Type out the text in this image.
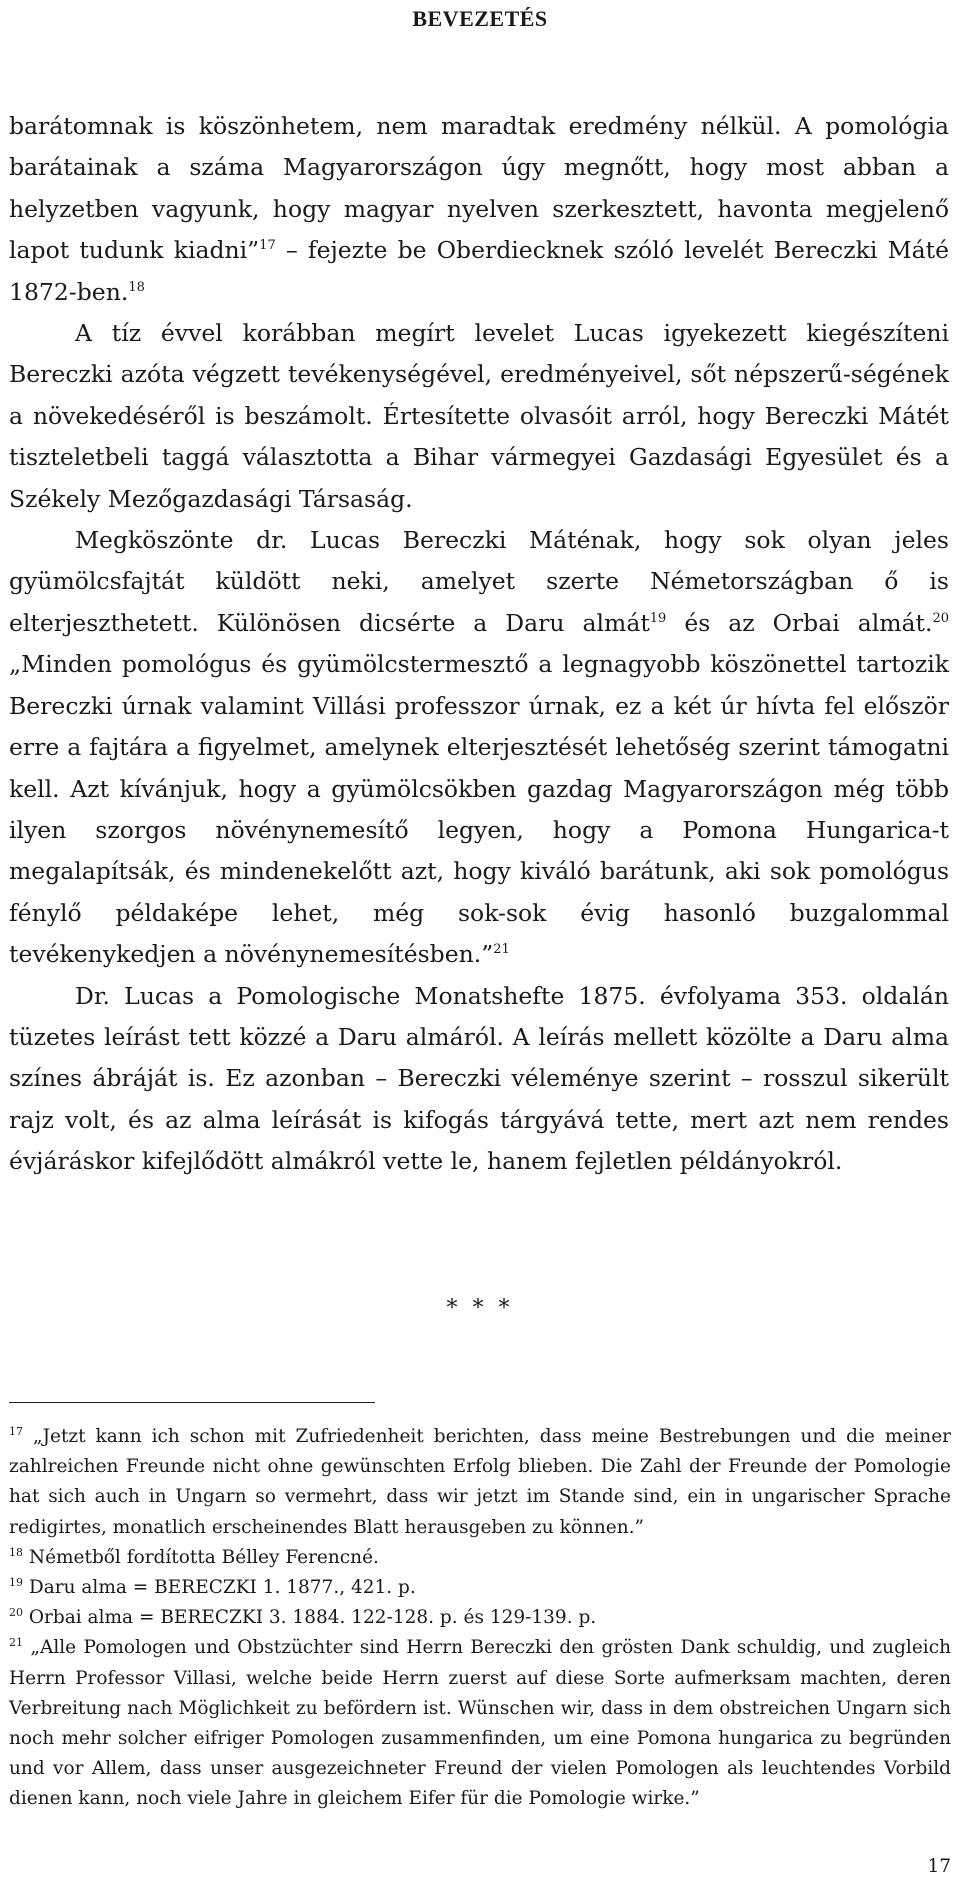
BEVEZETÉS

barátomnak is köszönhetem, nem maradtak eredmény nélkül. A pomológia barátainak a száma Magyarországon úgy megnőtt, hogy most abban a helyzetben vagyunk, hogy magyar nyelven szerkesztett, havonta megjelenő lapot tudunk kiadni”$^{17}$ – fejezte be Oberdiecknek szóló levelét Bereczki Máté 1872-ben.$^{18}$

A tíz évvel korábban megírt levelet Lucas igyekezett kiegészíteni Bereczki azóta végzett tevékenységével, eredményeivel, sőt népszerű-ségének a növekedéséről is beszámolt. Értesítette olvasóit arról, hogy Bereczki Mátét tiszteletbeli taggá választotta a Bihar vármegyei Gazdasági Egyesület és a Székely Mezőgazdasági Társaság.

Megköszönte dr. Lucas Bereczki Máténak, hogy sok olyan jeles gyümölcsfajtát küldött neki, amelyet szerte Németországban ő is elterjeszthetett. Különösen dicsérte a Daru almát$^{19}$ és az Orbai almát.$^{20}$ „Minden pomológus és gyümölcstermesztő a legnagyobb köszönettel tartozik Bereczki úrnak valamint Villási professzor úrnak, ez a két úr hívta fel először erre a fajtára a figyelmet, amelynek elterjesztését lehetőség szerint támogatni kell. Azt kívánjuk, hogy a gyümölcsökben gazdag Magyarországon még több ilyen szorgos növénynemesítő legyen, hogy a Pomona Hungarica-t megalapítsák, és mindenekelőtt azt, hogy kiváló barátunk, aki sok pomológus fénylő példaképe lehet, még sok-sok évig hasonló buzgalommal tevékenykedjen a növénynemesítésben.”$^{21}$

Dr. Lucas a Pomologische Monatshefte 1875. évfolyama 353. oldalán tüzetes leírást tett közzé a Daru almáról. A leírás mellett közölte a Daru alma színes ábráját is. Ez azonban – Bereczki véleménye szerint – rosszul sikerült rajz volt, és az alma leírását is kifogás tárgyává tette, mert azt nem rendes évjáráskor kifejlődött almákról vette le, hanem fejletlen példányokról.

* * *

$^{17}$ „Jetzt kann ich schon mit Zufriedenheit berichten, dass meine Bestrebungen und die meiner zahlreichen Freunde nicht ohne gewünschten Erfolg blieben. Die Zahl der Freunde der Pomologie hat sich auch in Ungarn so vermehrt, dass wir jetzt im Stande sind, ein in ungarischer Sprache redigirtes, monatlich erscheinendes Blatt herausgeben zu können.”

$^{18}$ Németből fordította Bélley Ferencné.

$^{19}$ Daru alma = BERECZKI 1. 1877., 421. p.

$^{20}$ Orbai alma = BERECZKI 3. 1884. 122-128. p. és 129-139. p.

$^{21}$ „Alle Pomologen und Obstzüchter sind Herrn Bereczki den grösten Dank schuldig, und zugleich Herrn Professor Villasi, welche beide Herrn zuerst auf diese Sorte aufmerksam machten, deren Verbreitung nach Möglichkeit zu befördern ist. Wünschen wir, dass in dem obstreichen Ungarn sich noch mehr solcher eifriger Pomologen zusammenfinden, um eine Pomona hungarica zu begründen und vor Allem, dass unser ausgezeichneter Freund der vielen Pomologen als leuchtendes Vorbild dienen kann, noch viele Jahre in gleichem Eifer für die Pomologie wirke.”

17
